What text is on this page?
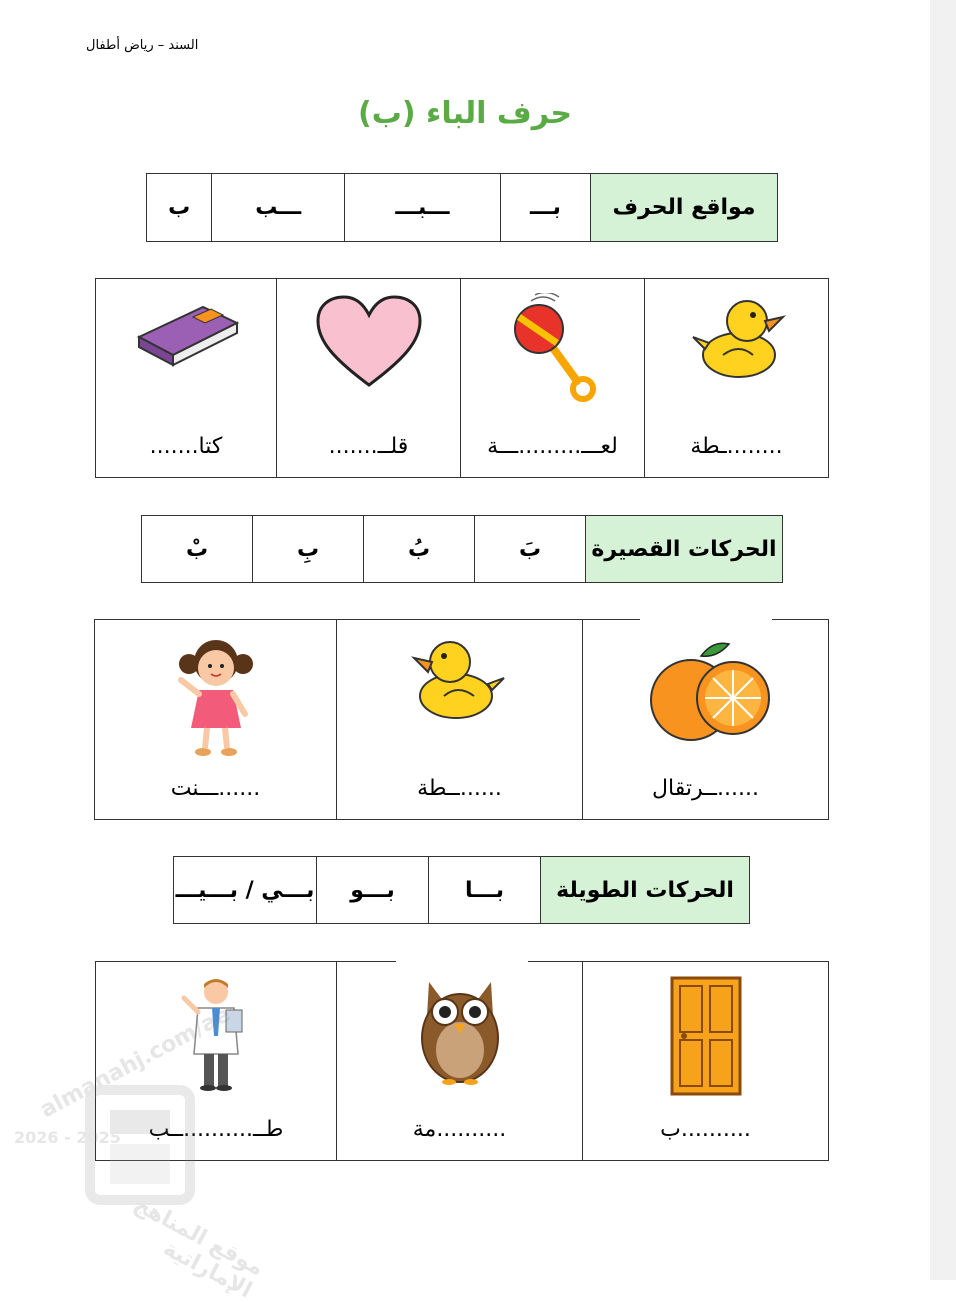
السند – رياض أطفال
حرف الباء (ب)
مواقع الحرف	بـــ	ـــبـــ	ـــب	ب
........ـطة

لعـــ.........ـــة

قلــ.......

كتا.......
الحركات القصيرة	بَ	بُ	بِ	بْ
......ــرتقال

......ــطة

......ـــنت
الحركات الطويلة	بـــا	بـــو	بـــي / بـــيـــ
..........ب

..........مة

طــ..........ــب
almanahj.com/ae
2026 - 2025
موقع المناهج الإماراتية
